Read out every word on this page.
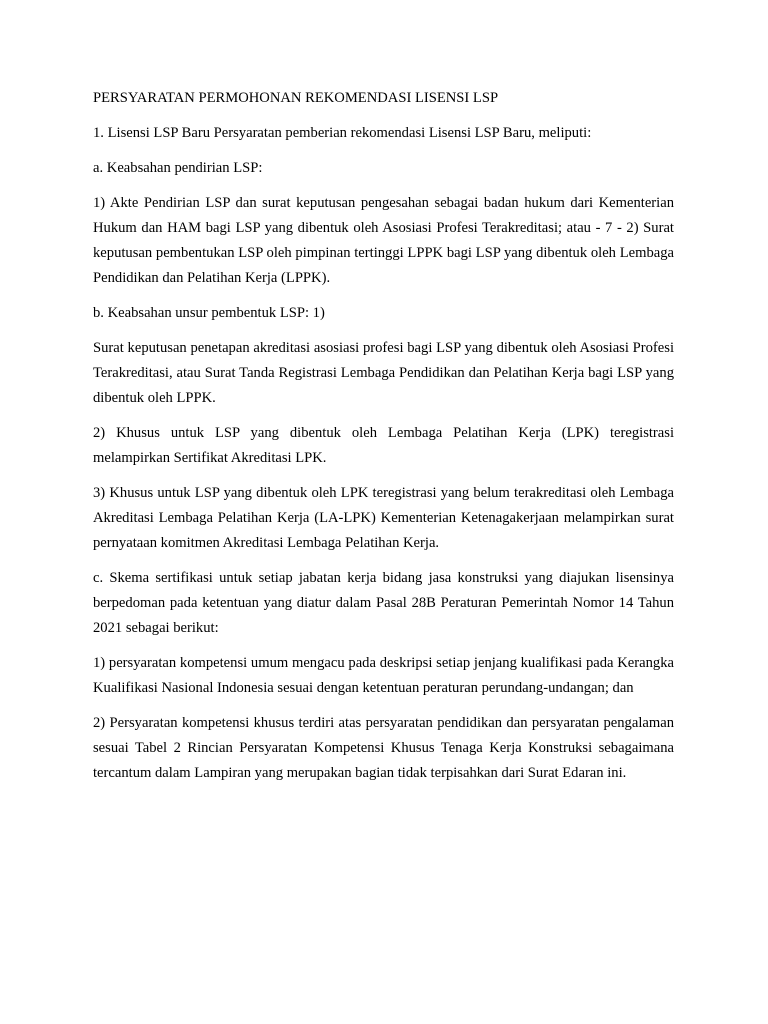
PERSYARATAN PERMOHONAN REKOMENDASI LISENSI LSP

1. Lisensi LSP Baru Persyaratan pemberian rekomendasi Lisensi LSP Baru, meliputi:

a. Keabsahan pendirian LSP:

1) Akte Pendirian LSP dan surat keputusan pengesahan sebagai badan hukum dari Kementerian Hukum dan HAM bagi LSP yang dibentuk oleh Asosiasi Profesi Terakreditasi; atau - 7 - 2) Surat keputusan pembentukan LSP oleh pimpinan tertinggi LPPK bagi LSP yang dibentuk oleh Lembaga Pendidikan dan Pelatihan Kerja (LPPK).

b. Keabsahan unsur pembentuk LSP: 1)

Surat keputusan penetapan akreditasi asosiasi profesi bagi LSP yang dibentuk oleh Asosiasi Profesi Terakreditasi, atau Surat Tanda Registrasi Lembaga Pendidikan dan Pelatihan Kerja bagi LSP yang dibentuk oleh LPPK.

2) Khusus untuk LSP yang dibentuk oleh Lembaga Pelatihan Kerja (LPK) teregistrasi melampirkan Sertifikat Akreditasi LPK.

3) Khusus untuk LSP yang dibentuk oleh LPK teregistrasi yang belum terakreditasi oleh Lembaga Akreditasi Lembaga Pelatihan Kerja (LA-LPK) Kementerian Ketenagakerjaan melampirkan surat pernyataan komitmen Akreditasi Lembaga Pelatihan Kerja.

c. Skema sertifikasi untuk setiap jabatan kerja bidang jasa konstruksi yang diajukan lisensinya berpedoman pada ketentuan yang diatur dalam Pasal 28B Peraturan Pemerintah Nomor 14 Tahun 2021 sebagai berikut:

1) persyaratan kompetensi umum mengacu pada deskripsi setiap jenjang kualifikasi pada Kerangka Kualifikasi Nasional Indonesia sesuai dengan ketentuan peraturan perundang-undangan; dan

2) Persyaratan kompetensi khusus terdiri atas persyaratan pendidikan dan persyaratan pengalaman sesuai Tabel 2 Rincian Persyaratan Kompetensi Khusus Tenaga Kerja Konstruksi sebagaimana tercantum dalam Lampiran yang merupakan bagian tidak terpisahkan dari Surat Edaran ini.
